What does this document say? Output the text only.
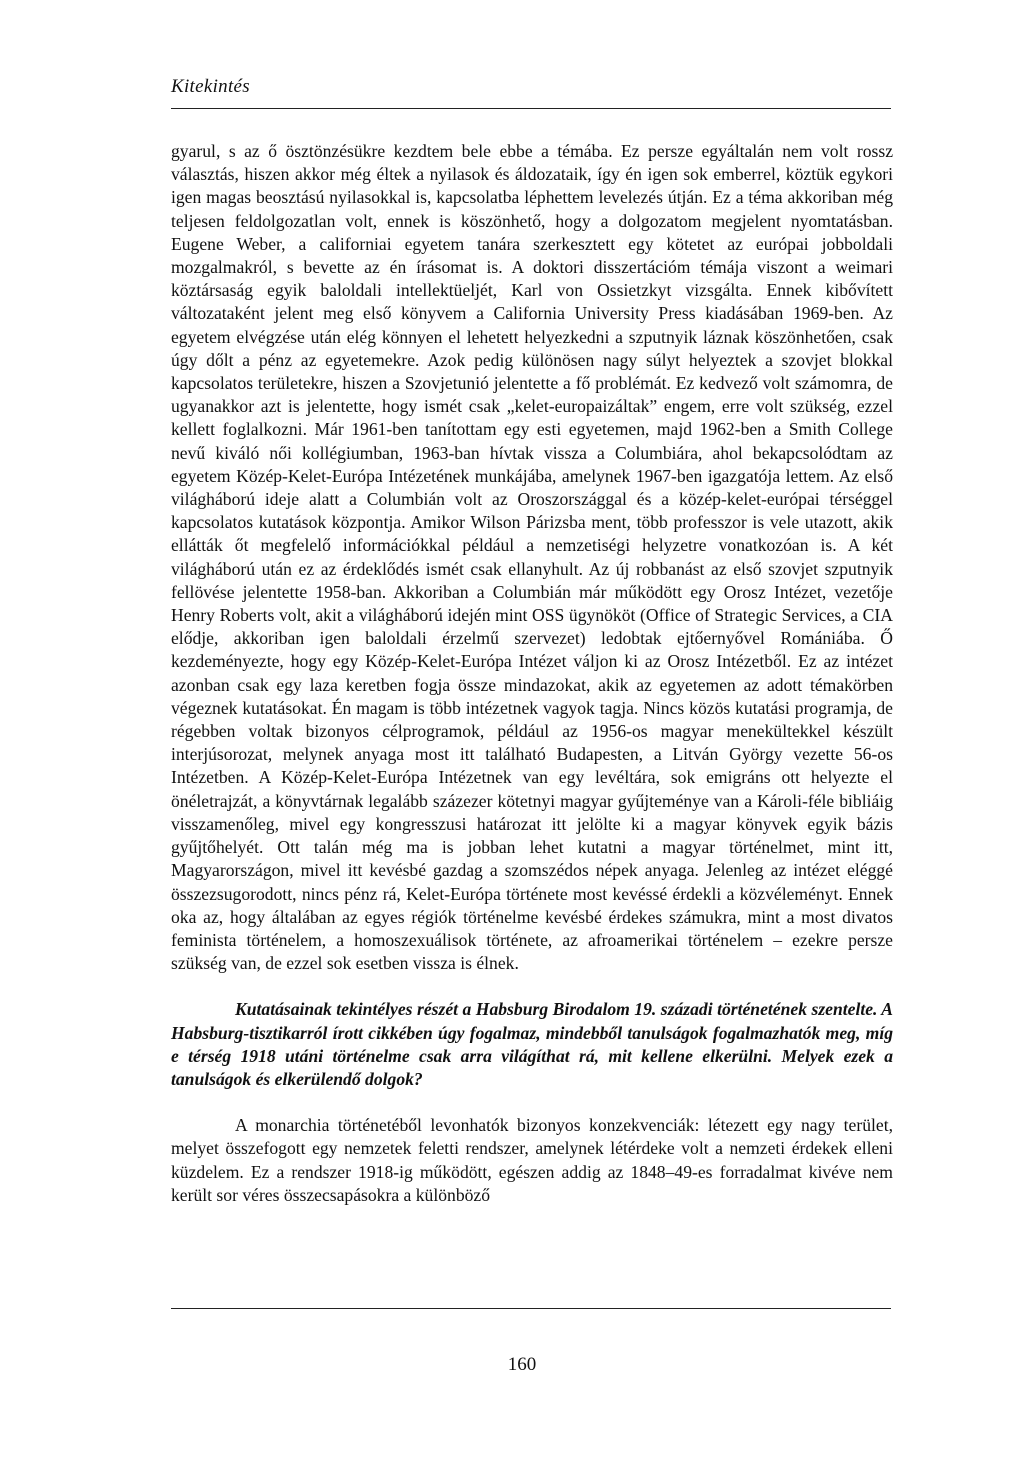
Kitekintés

gyarul, s az ő ösztönzésükre kezdtem bele ebbe a témába. Ez persze egyáltalán nem volt rossz választás, hiszen akkor még éltek a nyilasok és áldozataik, így én igen sok emberrel, köztük egykori igen magas beosztású nyilasokkal is, kapcsolatba léphettem levelezés útján. Ez a téma akkoriban még teljesen feldolgozatlan volt, ennek is köszönhető, hogy a dolgozatom megjelent nyomtatásban. Eugene Weber, a californiai egyetem tanára szerkesztett egy kötetet az európai jobboldali mozgalmakról, s bevette az én írásomat is. A doktori disszertációm témája viszont a weimari köztársaság egyik baloldali intellektüeljét, Karl von Ossietzkyt vizsgálta. Ennek kibővített változataként jelent meg első könyvem a California University Press kiadásában 1969-ben. Az egyetem elvégzése után elég könnyen el lehetett helyezkedni a szputnyik láznak köszönhetően, csak úgy dőlt a pénz az egyetemekre. Azok pedig különösen nagy súlyt helyeztek a szovjet blokkal kapcsolatos területekre, hiszen a Szovjetunió jelentette a fő problémát. Ez kedvező volt számomra, de ugyanakkor azt is jelentette, hogy ismét csak „kelet-europaizáltak” engem, erre volt szükség, ezzel kellett foglalkozni. Már 1961-ben tanítottam egy esti egyetemen, majd 1962-ben a Smith College nevű kiváló női kollégiumban, 1963-ban hívtak vissza a Columbiára, ahol bekapcsolódtam az egyetem Közép-Kelet-Európa Intézetének munkájába, amelynek 1967-ben igazgatója lettem. Az első világháború ideje alatt a Columbián volt az Oroszországgal és a közép-kelet-európai térséggel kapcsolatos kutatások központja. Amikor Wilson Párizsba ment, több professzor is vele utazott, akik ellátták őt megfelelő információkkal például a nemzetiségi helyzetre vonatkozóan is. A két világháború után ez az érdeklődés ismét csak ellanyhult. Az új robbanást az első szovjet szputnyik fellövése jelentette 1958-ban. Akkoriban a Columbián már működött egy Orosz Intézet, vezetője Henry Roberts volt, akit a világháború idején mint OSS ügynököt (Office of Strategic Services, a CIA elődje, akkoriban igen baloldali érzelmű szervezet) ledobtak ejtőernyővel Romániába. Ő kezdeményezte, hogy egy Közép-Kelet-Európa Intézet váljon ki az Orosz Intézetből. Ez az intézet azonban csak egy laza keretben fogja össze mindazokat, akik az egyetemen az adott témakörben végeznek kutatásokat. Én magam is több intézetnek vagyok tagja. Nincs közös kutatási programja, de régebben voltak bizonyos célprogramok, például az 1956-os magyar menekültekkel készült interjúsorozat, melynek anyaga most itt található Budapesten, a Litván György vezette 56-os Intézetben. A Közép-Kelet-Európa Intézetnek van egy levéltára, sok emigráns ott helyezte el önéletrajzát, a könyvtárnak legalább százezer kötetnyi magyar gyűjteménye van a Károli-féle bibliáig visszamenőleg, mivel egy kongresszusi határozat itt jelölte ki a magyar könyvek egyik bázis gyűjtőhelyét. Ott talán még ma is jobban lehet kutatni a magyar történelmet, mint itt, Magyarországon, mivel itt kevésbé gazdag a szomszédos népek anyaga. Jelenleg az intézet eléggé összezsugorodott, nincs pénz rá, Kelet-Európa története most kevéssé érdekli a közvéleményt. Ennek oka az, hogy általában az egyes régiók történelme kevésbé érdekes számukra, mint a most divatos feminista történelem, a homoszexuálisok története, az afroamerikai történelem – ezekre persze szükség van, de ezzel sok esetben vissza is élnek.

Kutatásainak tekintélyes részét a Habsburg Birodalom 19. századi történetének szentelte. A Habsburg-tisztikarról írott cikkében úgy fogalmaz, mindebből tanulságok fogalmazhatók meg, míg e térség 1918 utáni történelme csak arra világíthat rá, mit kellene elkerülni. Melyek ezek a tanulságok és elkerülendő dolgok?

A monarchia történetéből levonhatók bizonyos konzekvenciák: létezett egy nagy terület, melyet összefogott egy nemzetek feletti rendszer, amelynek létérdeke volt a nemzeti érdekek elleni küzdelem. Ez a rendszer 1918-ig működött, egészen addig az 1848–49-es forradalmat kivéve nem került sor véres összecsapásokra a különböző

160
